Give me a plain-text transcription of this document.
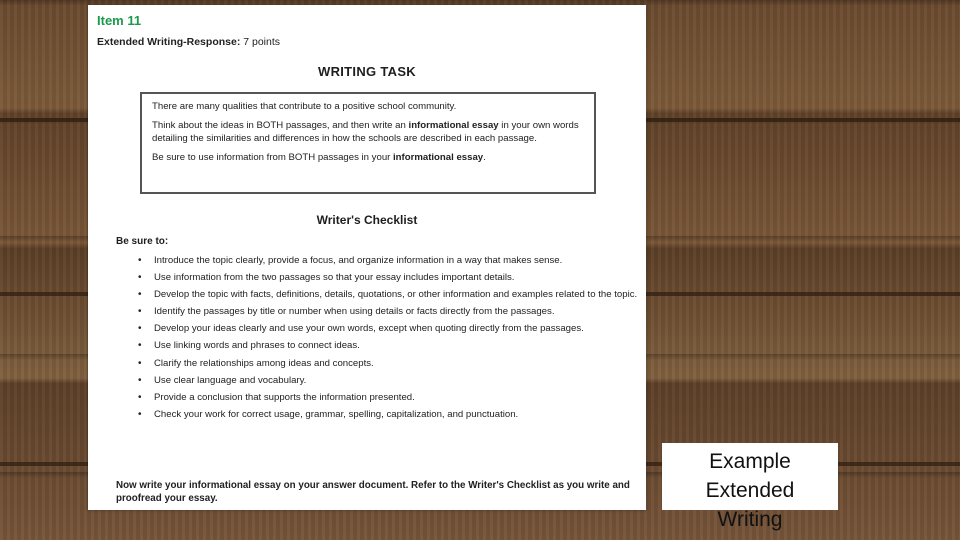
Item 11
Extended Writing-Response: 7 points
WRITING TASK

There are many qualities that contribute to a positive school community.

Think about the ideas in BOTH passages, and then write an informational essay in your own words detailing the similarities and differences in how the schools are described in each passage.

Be sure to use information from BOTH passages in your informational essay.

Writer's Checklist
Be sure to:
• Introduce the topic clearly, provide a focus, and organize information in a way that makes sense.
• Use information from the two passages so that your essay includes important details.
• Develop the topic with facts, definitions, details, quotations, or other information and examples related to the topic.
• Identify the passages by title or number when using details or facts directly from the passages.
• Develop your ideas clearly and use your own words, except when quoting directly from the passages.
• Use linking words and phrases to connect ideas.
• Clarify the relationships among ideas and concepts.
• Use clear language and vocabulary.
• Provide a conclusion that supports the information presented.
• Check your work for correct usage, grammar, spelling, capitalization, and punctuation.
Now write your informational essay on your answer document. Refer to the Writer's Checklist as you write and proofread your essay.
Example
Extended
Writing
